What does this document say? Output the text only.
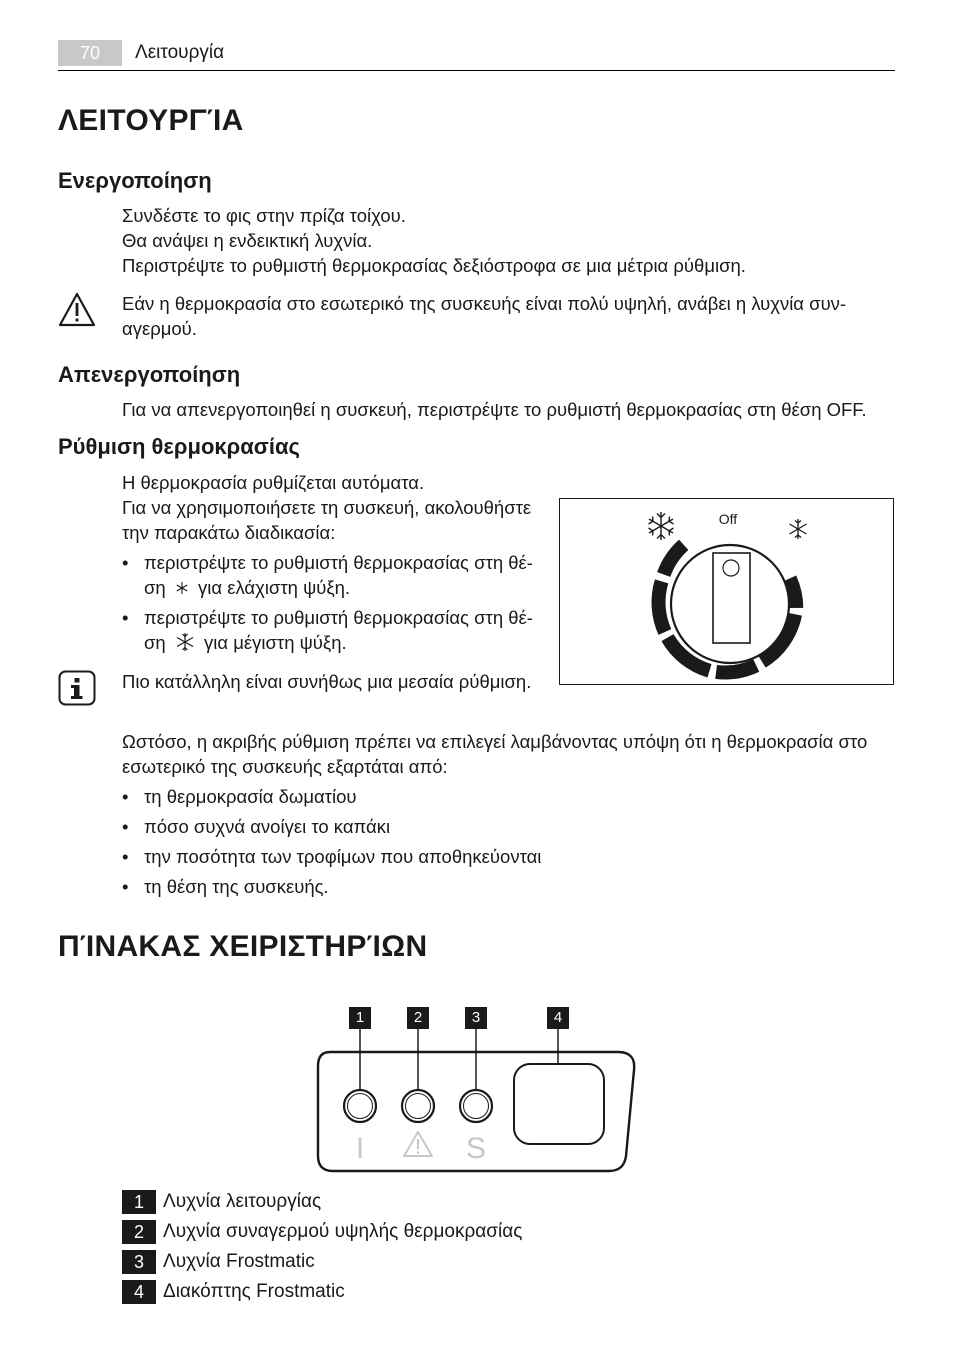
70	Λειτουργία
ΛΕΙΤΟΥΡΓΊΑ
Ενεργοποίηση

Συνδέστε το φις στην πρίζα τοίχου.

Θα ανάψει η ενδεικτική λυχνία.

Περιστρέψτε το ρυθμιστή θερμοκρασίας δεξιόστροφα σε μια μέτρια ρύθμιση.

Εάν η θερμοκρασία στο εσωτερικό της συσκευής είναι πολύ υψηλή, ανάβει η λυχνία συν-

αγερμού.

Απενεργοποίηση

Για να απενεργοποιηθεί η συσκευή, περιστρέψτε το ρυθμιστή θερμοκρασίας στη θέση OFF.

Ρύθμιση θερμοκρασίας

Η θερμοκρασία ρυθμίζεται αυτόματα.

Για να χρησιμοποιήσετε τη συσκευή, ακολουθήστε

την παρακάτω διαδικασία:

• περιστρέψτε το ρυθμιστή θερμοκρασίας στη θέ-
ση για ελάχιστη ψύξη.
• περιστρέψτε το ρυθμιστή θερμοκρασίας στη θέ-
ση για μέγιστη ψύξη.

Πιο κατάλληλη είναι συνήθως μια μεσαία ρύθμιση.

Off

Ωστόσο, η ακριβής ρύθμιση πρέπει να επιλεγεί λαμβάνοντας υπόψη ότι η θερμοκρασία στο

εσωτερικό της συσκευής εξαρτάται από:

• τη θερμοκρασία δωματίου
• πόσο συχνά ανοίγει το καπάκι
• την ποσότητα των τροφίμων που αποθηκεύονται
• τη θέση της συσκευής.
ΠΊΝΑΚΑΣ ΧΕΙΡΙΣΤΗΡΊΩΝ
1	2	3	4
I	S
1	Λυχνία λειτουργίας
2	Λυχνία συναγερμού υψηλής θερμοκρασίας
3	Λυχνία Frostmatic
4	Διακόπτης Frostmatic
